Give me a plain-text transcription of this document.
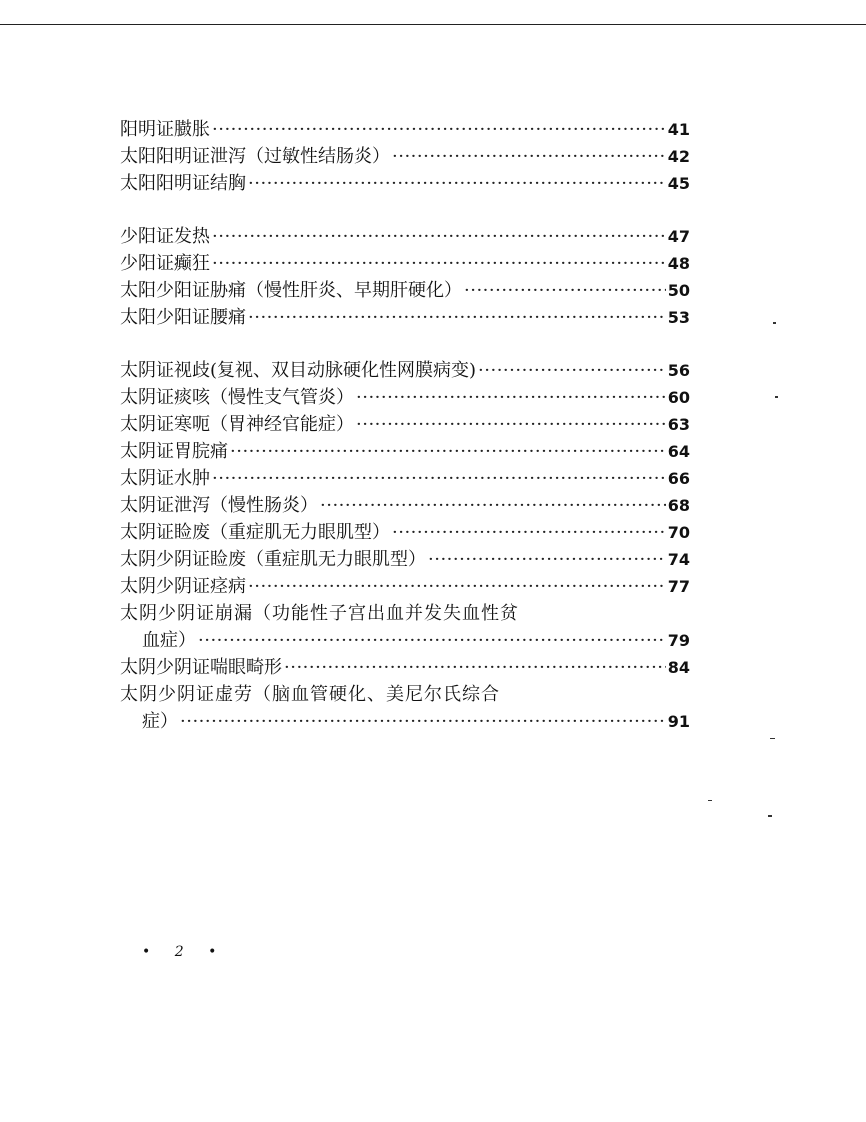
阳明证臌胀 ·····	41
太阳阳明证泄泻（过敏性结肠炎） ·····	42
太阳阳明证结胸 ·····	45
少阳证发热 ·····	47
少阳证癫狂 ·····	48
太阳少阳证胁痛（慢性肝炎、早期肝硬化） ·····	50
太阳少阳证腰痛 ·····	53
太阴证视歧(复视、双目动脉硬化性网膜病变) ·····	56
太阴证痰咳（慢性支气管炎） ·····	60
太阴证寒呃（胃神经官能症） ·····	63
太阴证胃脘痛 ·····	64
太阴证水肿 ·····	66
太阴证泄泻（慢性肠炎） ·····	68
太阴证睑废（重症肌无力眼肌型） ·····	70
太阴少阴证睑废（重症肌无力眼肌型） ·····	74
太阴少阴证痉病 ·····	77
太阴少阴证崩漏（功能性子宫出血并发失血性贫
血症） ·····	79
太阴少阴证喘眼畸形 ·····	84
太阴少阴证虚劳（脑血管硬化、美尼尔氏综合
症） ·····	91
• 2 •
